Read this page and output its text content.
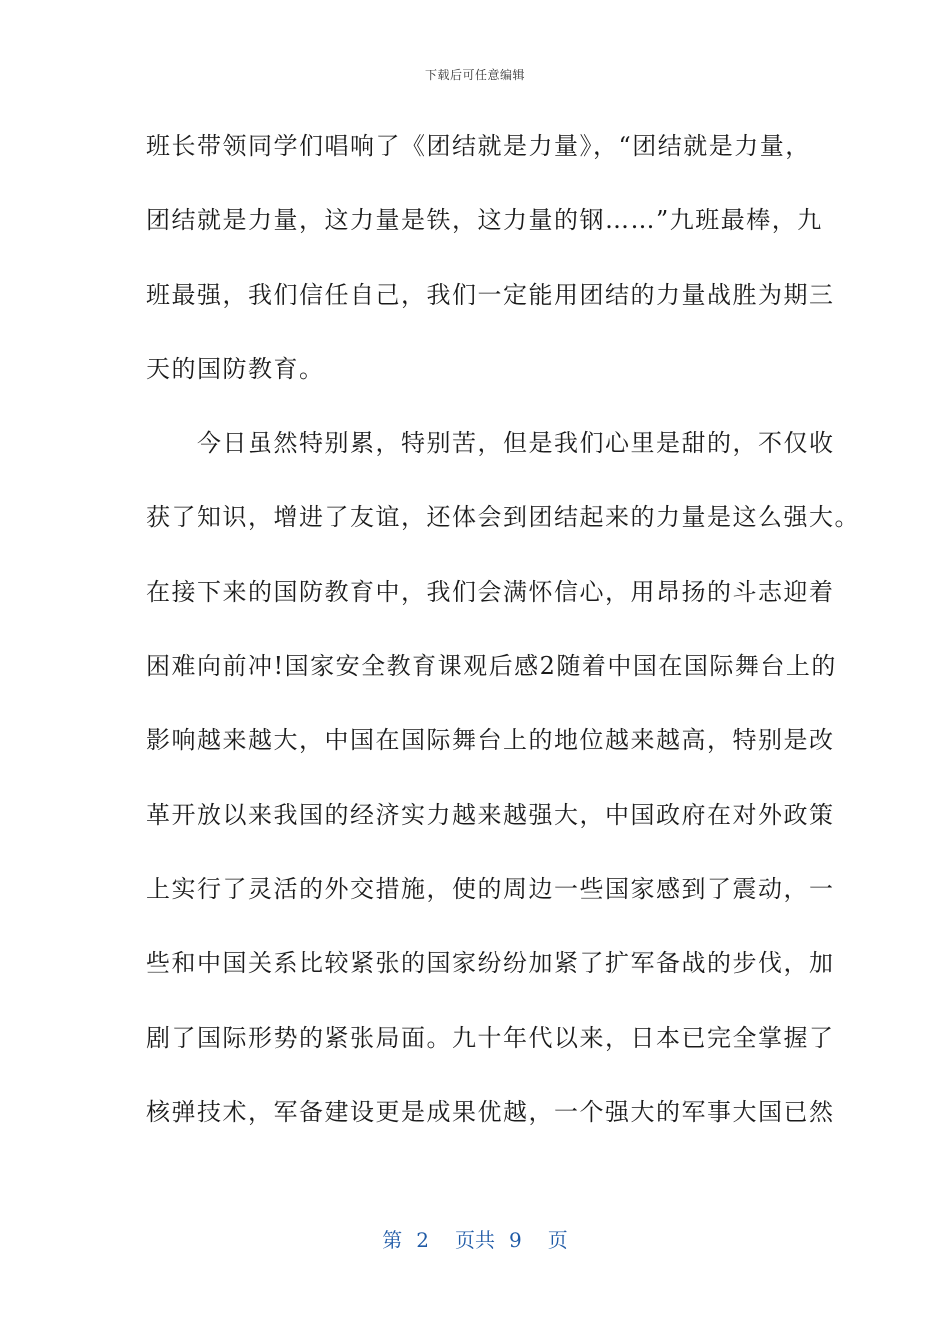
下载后可任意编辑
班长带领同学们唱响了《团结就是力量》，“团结就是力量，
团结就是力量，这力量是铁，这力量的钢……”九班最棒，九
班最强，我们信任自己，我们一定能用团结的力量战胜为期三
天的国防教育。
　　今日虽然特别累，特别苦，但是我们心里是甜的，不仅收
获了知识，增进了友谊，还体会到团结起来的力量是这么强大。
在接下来的国防教育中，我们会满怀信心，用昂扬的斗志迎着
困难向前冲!国家安全教育课观后感2随着中国在国际舞台上的
影响越来越大，中国在国际舞台上的地位越来越高，特别是改
革开放以来我国的经济实力越来越强大，中国政府在对外政策
上实行了灵活的外交措施，使的周边一些国家感到了震动，一
些和中国关系比较紧张的国家纷纷加紧了扩军备战的步伐，加
剧了国际形势的紧张局面。九十年代以来，日本已完全掌握了
核弹技术，军备建设更是成果优越，一个强大的军事大国已然
第 2 页共 9 页
